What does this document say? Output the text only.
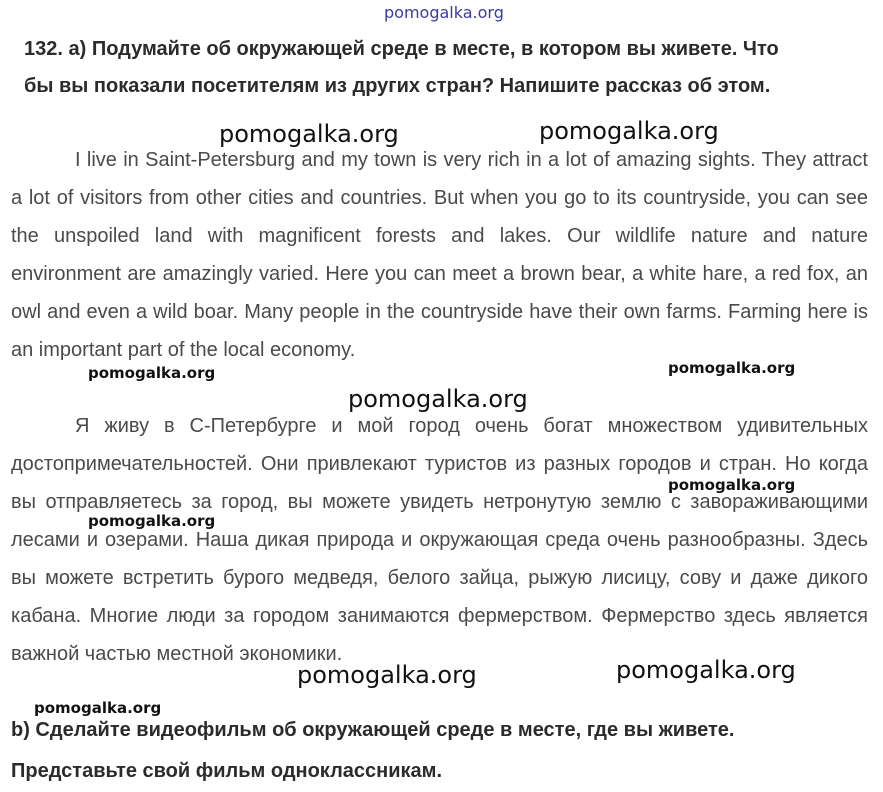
pomogalka.org
132. а) Подумайте об окружающей среде в месте, в котором вы живете. Что
бы вы показали посетителям из других стран? Напишите рассказ об этом.
I live in Saint-Petersburg and my town is very rich in a lot of amazing sights. They attract a lot of visitors from other cities and countries. But when you go to its countryside, you can see the unspoiled land with magnificent forests and lakes. Our wildlife nature and nature environment are amazingly varied. Here you can meet a brown bear, a white hare, a red fox, an owl and even a wild boar. Many people in the countryside have their own farms. Farming here is an important part of the local economy.
Я живу в С-Петербурге и мой город очень богат множеством удивительных достопримечательностей. Они привлекают туристов из разных городов и стран. Но когда вы отправляетесь за город, вы можете увидеть нетронутую землю с завораживающими лесами и озерами. Наша дикая природа и окружающая среда очень разнообразны. Здесь вы можете встретить бурого медведя, белого зайца, рыжую лисицу, сову и даже дикого кабана. Многие люди за городом занимаются фермерством. Фермерство здесь является важной частью местной экономики.
b) Сделайте видеофильм об окружающей среде в месте, где вы живете.
Представьте свой фильм одноклассникам.
pomogalka.org	pomogalka.org
pomogalka.org	pomogalka.org
pomogalka.org
pomogalka.org
pomogalka.org
pomogalka.org	pomogalka.org
pomogalka.org
